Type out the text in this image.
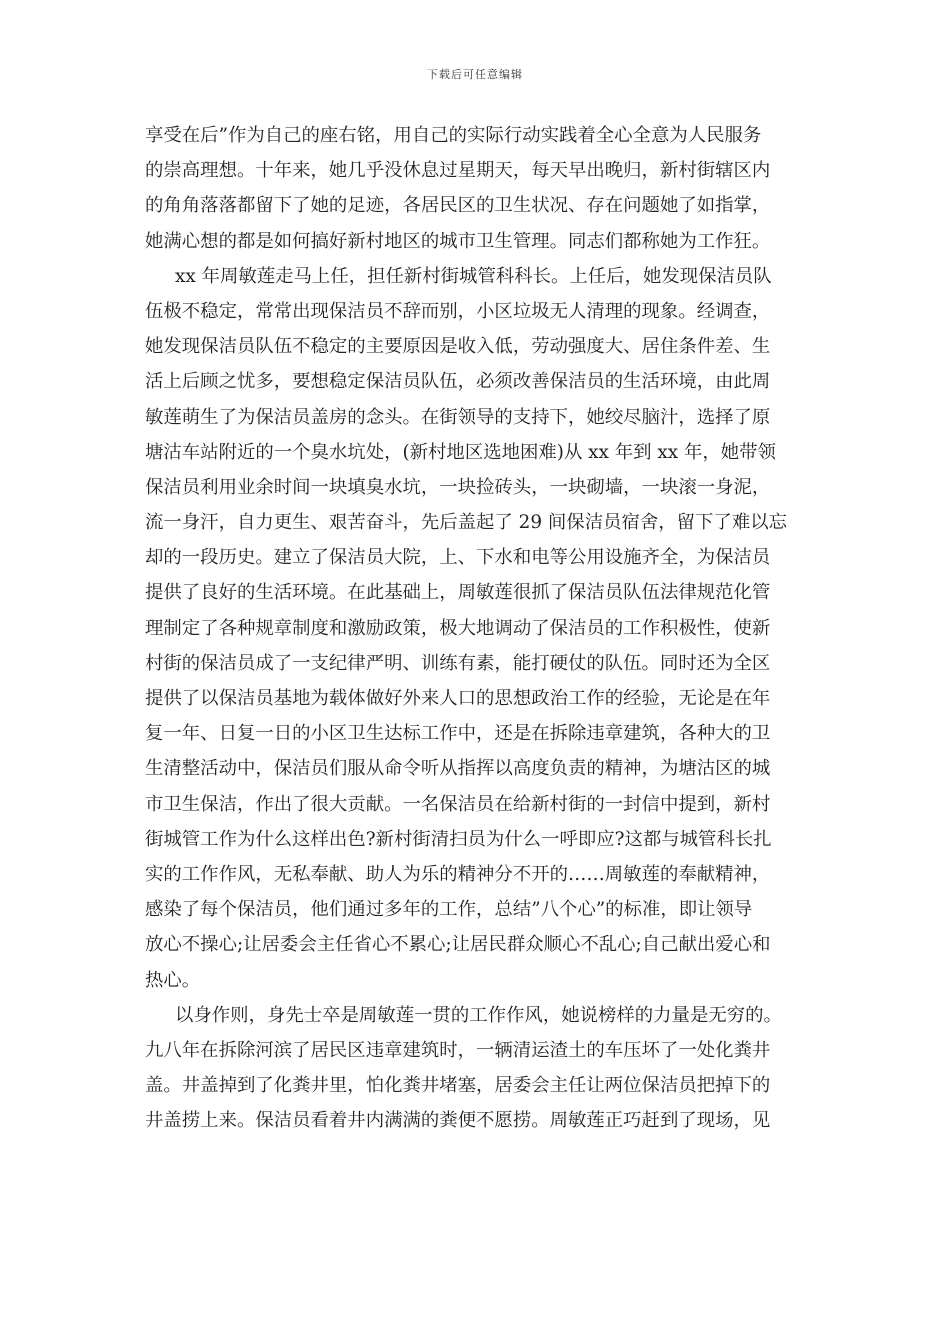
下载后可任意编辑
享受在后”作为自己的座右铭，用自己的实际行动实践着全心全意为人民服务
的崇高理想。十年来，她几乎没休息过星期天，每天早出晚归，新村街辖区内
的角角落落都留下了她的足迹，各居民区的卫生状况、存在问题她了如指掌，
她满心想的都是如何搞好新村地区的城市卫生管理。同志们都称她为工作狂。
xx 年周敏莲走马上任，担任新村街城管科科长。上任后，她发现保洁员队
伍极不稳定，常常出现保洁员不辞而别，小区垃圾无人清理的现象。经调查，
她发现保洁员队伍不稳定的主要原因是收入低，劳动强度大、居住条件差、生
活上后顾之忧多，要想稳定保洁员队伍，必须改善保洁员的生活环境，由此周
敏莲萌生了为保洁员盖房的念头。在街领导的支持下，她绞尽脑汁，选择了原
塘沽车站附近的一个臭水坑处，(新村地区选地困难)从 xx 年到 xx 年，她带领
保洁员利用业余时间一块填臭水坑，一块捡砖头，一块砌墙，一块滚一身泥，
流一身汗，自力更生、艰苦奋斗，先后盖起了 29 间保洁员宿舍，留下了难以忘
却的一段历史。建立了保洁员大院，上、下水和电等公用设施齐全，为保洁员
提供了良好的生活环境。在此基础上，周敏莲很抓了保洁员队伍法律规范化管
理制定了各种规章制度和激励政策，极大地调动了保洁员的工作积极性，使新
村街的保洁员成了一支纪律严明、训练有素，能打硬仗的队伍。同时还为全区
提供了以保洁员基地为载体做好外来人口的思想政治工作的经验，无论是在年
复一年、日复一日的小区卫生达标工作中，还是在拆除违章建筑，各种大的卫
生清整活动中，保洁员们服从命令听从指挥以高度负责的精神，为塘沽区的城
市卫生保洁，作出了很大贡献。一名保洁员在给新村街的一封信中提到，新村
街城管工作为什么这样出色?新村街清扫员为什么一呼即应?这都与城管科长扎
实的工作作风，无私奉献、助人为乐的精神分不开的……周敏莲的奉献精神，
感染了每个保洁员，他们通过多年的工作，总结”八个心”的标准，即让领导
放心不操心;让居委会主任省心不累心;让居民群众顺心不乱心;自己献出爱心和
热心。
以身作则，身先士卒是周敏莲一贯的工作作风，她说榜样的力量是无穷的。
九八年在拆除河滨了居民区违章建筑时，一辆清运渣土的车压坏了一处化粪井
盖。井盖掉到了化粪井里，怕化粪井堵塞，居委会主任让两位保洁员把掉下的
井盖捞上来。保洁员看着井内满满的粪便不愿捞。周敏莲正巧赶到了现场，见
